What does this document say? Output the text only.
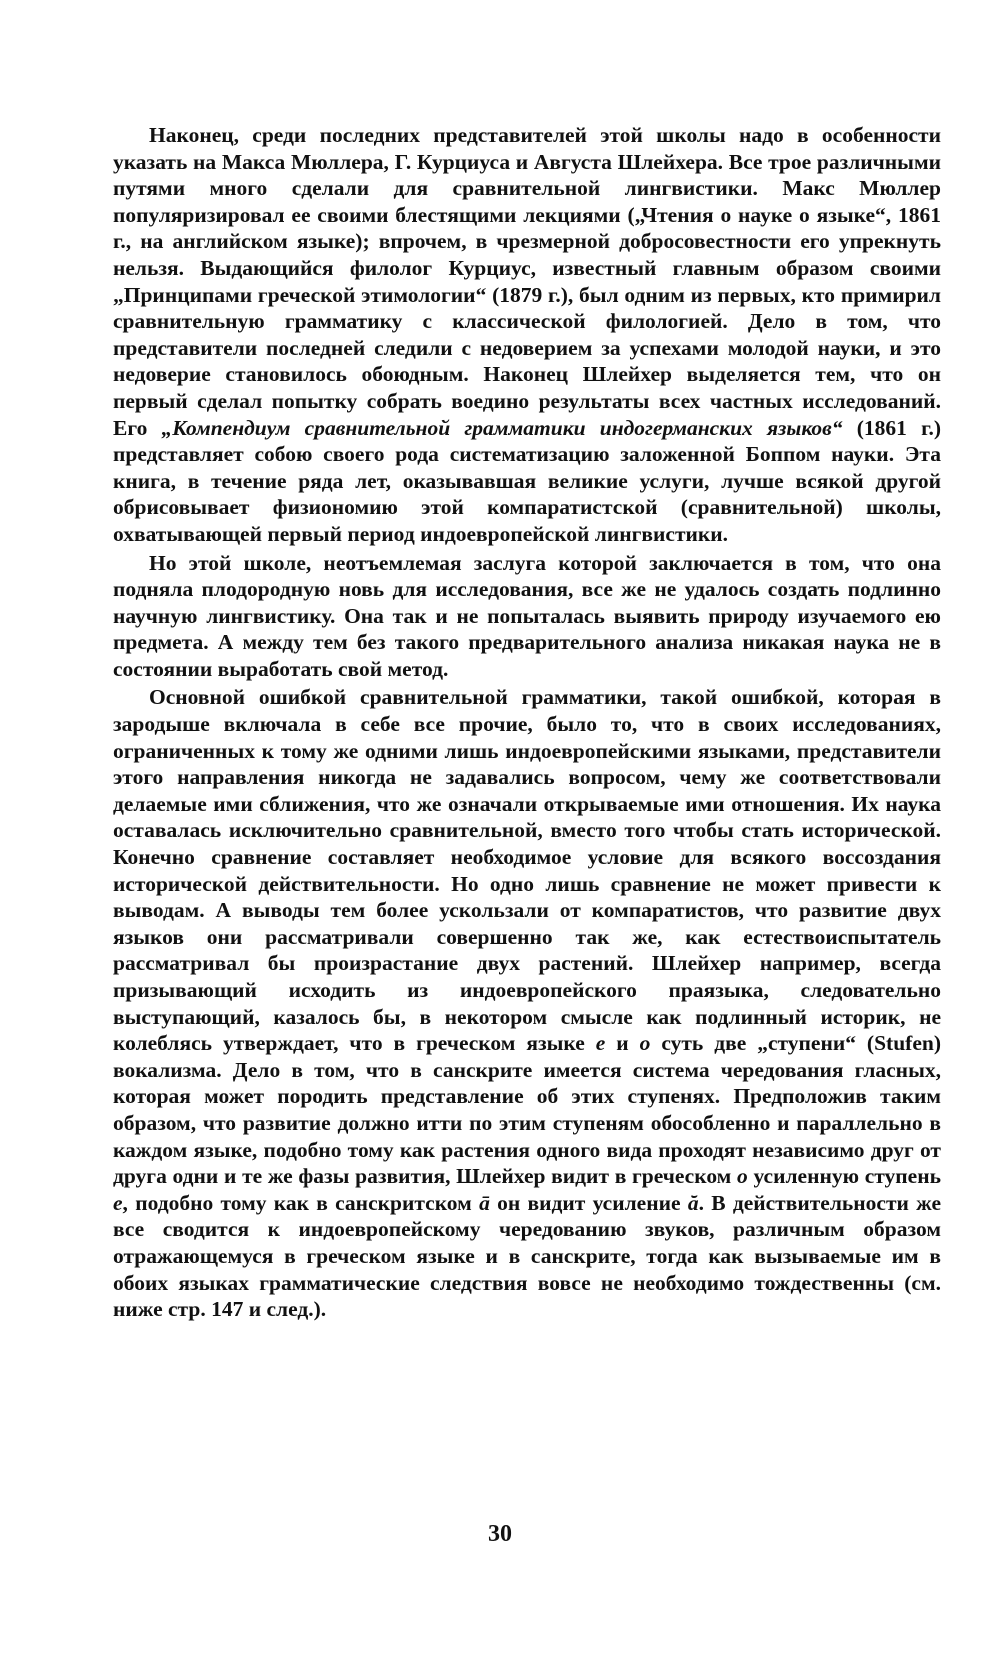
Наконец, среди последних представителей этой школы надо в особенности указать на Макса Мюллера, Г. Курциуса и Августа Шлейхера. Все трое различными путями много сделали для сравнительной лингвистики. Макс Мюллер популяризировал ее своими блестящими лекциями („Чтения о науке о языке“, 1861 г., на английском языке); впрочем, в чрезмерной добросовестности его упрекнуть нельзя. Выдающийся филолог Курциус, известный главным образом своими „Принципами греческой этимологии“ (1879 г.), был одним из первых, кто примирил сравнительную грамматику с классической филологией. Дело в том, что представители последней следили с недоверием за успехами молодой науки, и это недоверие становилось обоюдным. Наконец Шлейхер выделяется тем, что он первый сделал попытку собрать воедино результаты всех частных исследований. Его „Компендиум сравнительной грамматики индогерманских языков“ (1861 г.) представляет собою своего рода систематизацию заложенной Боппом науки. Эта книга, в течение ряда лет, оказывавшая великие услуги, лучше всякой другой обрисовывает физиономию этой компаратистской (сравнительной) школы, охватывающей первый период индоевропейской лингвистики.

Но этой школе, неотъемлемая заслуга которой заключается в том, что она подняла плодородную новь для исследования, все же не удалось создать подлинно научную лингвистику. Она так и не попыталась выявить природу изучаемого ею предмета. А между тем без такого предварительного анализа никакая наука не в состоянии выработать свой метод.

Основной ошибкой сравнительной грамматики, такой ошибкой, которая в зародыше включала в себе все прочие, было то, что в своих исследованиях, ограниченных к тому же одними лишь индоевропейскими языками, представители этого направления никогда не задавались вопросом, чему же соответствовали делаемые ими сближения, что же означали открываемые ими отношения. Их наука оставалась исключительно сравнительной, вместо того чтобы стать исторической. Конечно сравнение составляет необходимое условие для всякого воссоздания исторической действительности. Но одно лишь сравнение не может привести к выводам. А выводы тем более ускользали от компаратистов, что развитие двух языков они рассматривали совершенно так же, как естествоиспытатель рассматривал бы произрастание двух растений. Шлейхер например, всегда призывающий исходить из индоевропейского праязыка, следовательно выступающий, казалось бы, в некотором смысле как подлинный историк, не колеблясь утверждает, что в греческом языке e и o суть две „ступени“ (Stufen) вокализма. Дело в том, что в санскрите имеется система чередования гласных, которая может породить представление об этих ступенях. Предположив таким образом, что развитие должно итти по этим ступеням обособленно и параллельно в каждом языке, подобно тому как растения одного вида проходят независимо друг от друга одни и те же фазы развития, Шлейхер видит в греческом o усиленную ступень e, подобно тому как в санскритском ā он видит усиление ă. В действительности же все сводится к индоевропейскому чередованию звуков, различным образом отражающемуся в греческом языке и в санскрите, тогда как вызываемые им в обоих языках грамматические следствия вовсе не необходимо тождественны (см. ниже стр. 147 и след.).

30
